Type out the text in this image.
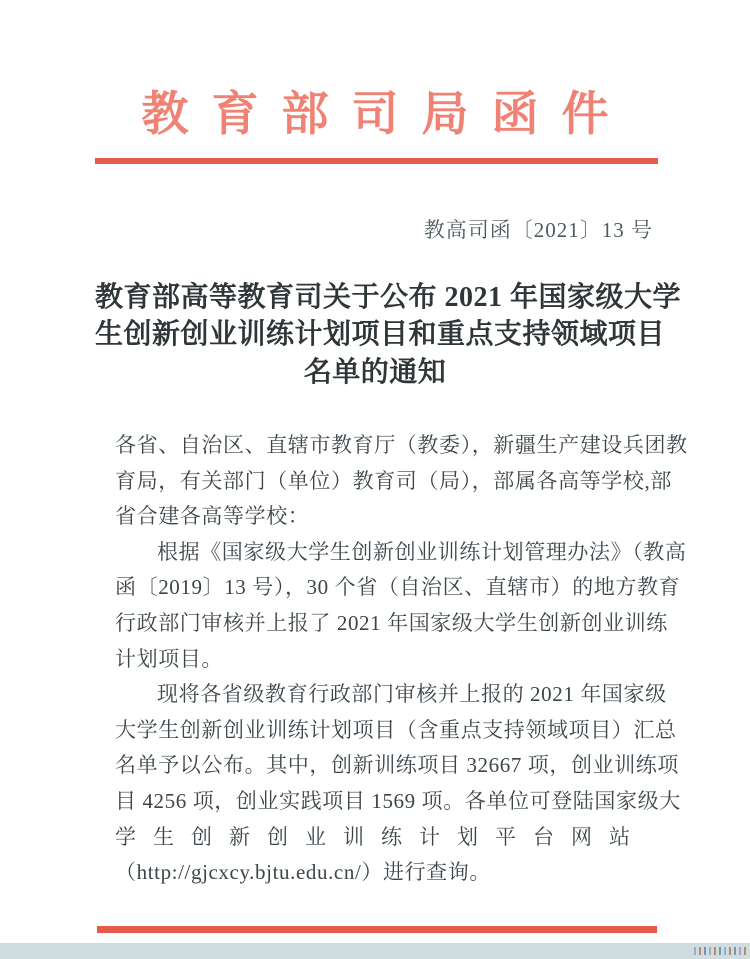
教育部司局函件
教高司函〔2021〕13 号
教育部高等教育司关于公布 2021 年国家级大学
生创新创业训练计划项目和重点支持领域项目
名单的通知
各省、自治区、直辖市教育厅（教委），新疆生产建设兵团教
育局，有关部门（单位）教育司（局），部属各高等学校,部
省合建各高等学校：
根据《国家级大学生创新创业训练计划管理办法》（教高
函〔2019〕13 号），30 个省（自治区、直辖市）的地方教育
行政部门审核并上报了 2021 年国家级大学生创新创业训练
计划项目。
现将各省级教育行政部门审核并上报的 2021 年国家级
大学生创新创业训练计划项目（含重点支持领域项目）汇总
名单予以公布。其中，创新训练项目 32667 项，创业训练项
目 4256 项，创业实践项目 1569 项。各单位可登陆国家级大
学生创新创业训练计划平台网站
（http://gjcxcy.bjtu.edu.cn/）进行查询。
